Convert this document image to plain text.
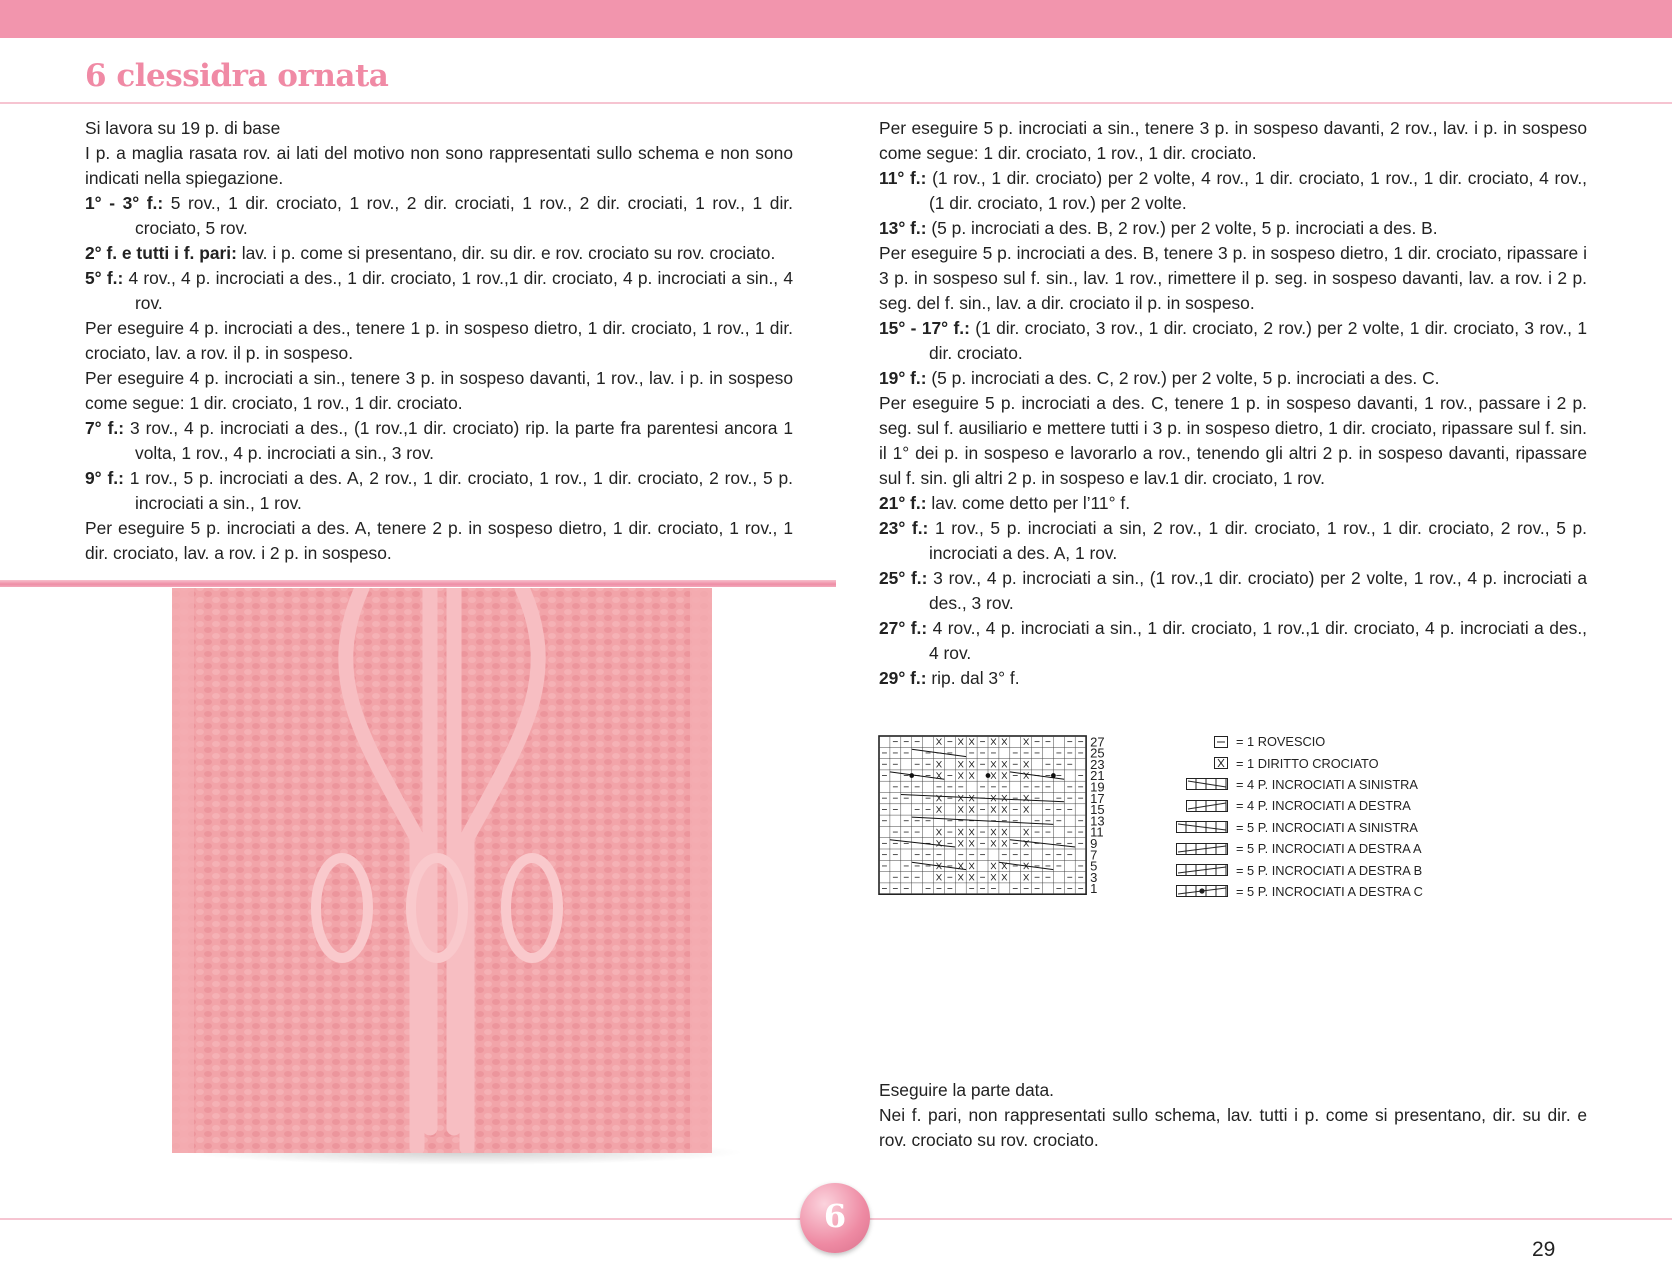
6 clessidra ornata

Si lavora su 19 p. di base

I p. a maglia rasata rov. ai lati del motivo non sono rappresentati sullo schema e non sono indicati nella spiegazione.

1° - 3° f.: 5 rov., 1 dir. crociato, 1 rov., 2 dir. crociati, 1 rov., 2 dir. crociati, 1 rov., 1 dir. crociato, 5 rov.

2° f. e tutti i f. pari: lav. i p. come si presentano, dir. su dir. e rov. crociato su rov. crociato.

5° f.: 4 rov., 4 p. incrociati a des., 1 dir. crociato, 1 rov.,1 dir. crociato, 4 p. incrociati a sin., 4 rov.

Per eseguire 4 p. incrociati a des., tenere 1 p. in sospeso dietro, 1 dir. crociato, 1 rov., 1 dir. crociato, lav. a rov. il p. in sospeso.

Per eseguire 4 p. incrociati a sin., tenere 3 p. in sospeso davanti, 1 rov., lav. i p. in sospeso come segue: 1 dir. crociato, 1 rov., 1 dir. crociato.

7° f.: 3 rov., 4 p. incrociati a des., (1 rov.,1 dir. crociato) rip. la parte fra parentesi ancora 1 volta, 1 rov., 4 p. incrociati a sin., 3 rov.

9° f.: 1 rov., 5 p. incrociati a des. A, 2 rov., 1 dir. crociato, 1 rov., 1 dir. crociato, 2 rov., 5 p. incrociati a sin., 1 rov.

Per eseguire 5 p. incrociati a des. A, tenere 2 p. in sospeso dietro, 1 dir. crociato, 1 rov., 1 dir. crociato, lav. a rov. i 2 p. in sospeso.

Per eseguire 5 p. incrociati a sin., tenere 3 p. in sospeso davanti, 2 rov., lav. i p. in sospeso come segue: 1 dir. crociato, 1 rov., 1 dir. crociato.

11° f.: (1 rov., 1 dir. crociato) per 2 volte, 4 rov., 1 dir. crociato, 1 rov., 1 dir. crociato, 4 rov., (1 dir. crociato, 1 rov.) per 2 volte.

13° f.: (5 p. incrociati a des. B, 2 rov.) per 2 volte, 5 p. incrociati a des. B.

Per eseguire 5 p. incrociati a des. B, tenere 3 p. in sospeso dietro, 1 dir. crociato, ripassare i 3 p. in sospeso sul f. sin., lav. 1 rov., rimettere il p. seg. in sospeso davanti, lav. a rov. i 2 p. seg. del f. sin., lav. a dir. crociato il p. in sospeso.

15° - 17° f.: (1 dir. crociato, 3 rov., 1 dir. crociato, 2 rov.) per 2 volte, 1 dir. crociato, 3 rov., 1 dir. crociato.

19° f.: (5 p. incrociati a des. C, 2 rov.) per 2 volte, 5 p. incrociati a des. C.

Per eseguire 5 p. incrociati a des. C, tenere 1 p. in sospeso davanti, 1 rov., passare i 2 p. seg. sul f. ausiliario e mettere tutti i 3 p. in sospeso dietro, 1 dir. crociato, ripassare sul f. sin. il 1° dei p. in sospeso e lavorarlo a rov., tenendo gli altri 2 p. in sospeso davanti, ripassare sul f. sin. gli altri 2 p. in sospeso e lav.1 dir. crociato, 1 rov.

21° f.: lav. come detto per l’11° f.

23° f.: 1 rov., 5 p. incrociati a sin, 2 rov., 1 dir. crociato, 1 rov., 1 dir. crociato, 2 rov., 5 p. incrociati a des. A, 1 rov.

25° f.: 3 rov., 4 p. incrociati a sin., (1 rov.,1 dir. crociato) per 2 volte, 1 rov., 4 p. incrociati a des., 3 rov.

27° f.: 4 rov., 4 p. incrociati a sin., 1 dir. crociato, 1 rov.,1 dir. crociato, 4 p. incrociati a des., 4 rov.

29° f.: rip. dal 3° f.

27
25
23
21
19
17
15
13
11
9
7
5
3
1
= 1 ROVESCIO
= 1 DIRITTO CROCIATO
= 4 P. INCROCIATI A SINISTRA
= 4 P. INCROCIATI A DESTRA
= 5 P. INCROCIATI A SINISTRA
= 5 P. INCROCIATI A DESTRA A
= 5 P. INCROCIATI A DESTRA B
= 5 P. INCROCIATI A DESTRA C

Eseguire la parte data.

Nei f. pari, non rappresentati sullo schema, lav. tutti i p. come si presentano, dir. su dir. e rov. crociato su rov. crociato.

6
29
